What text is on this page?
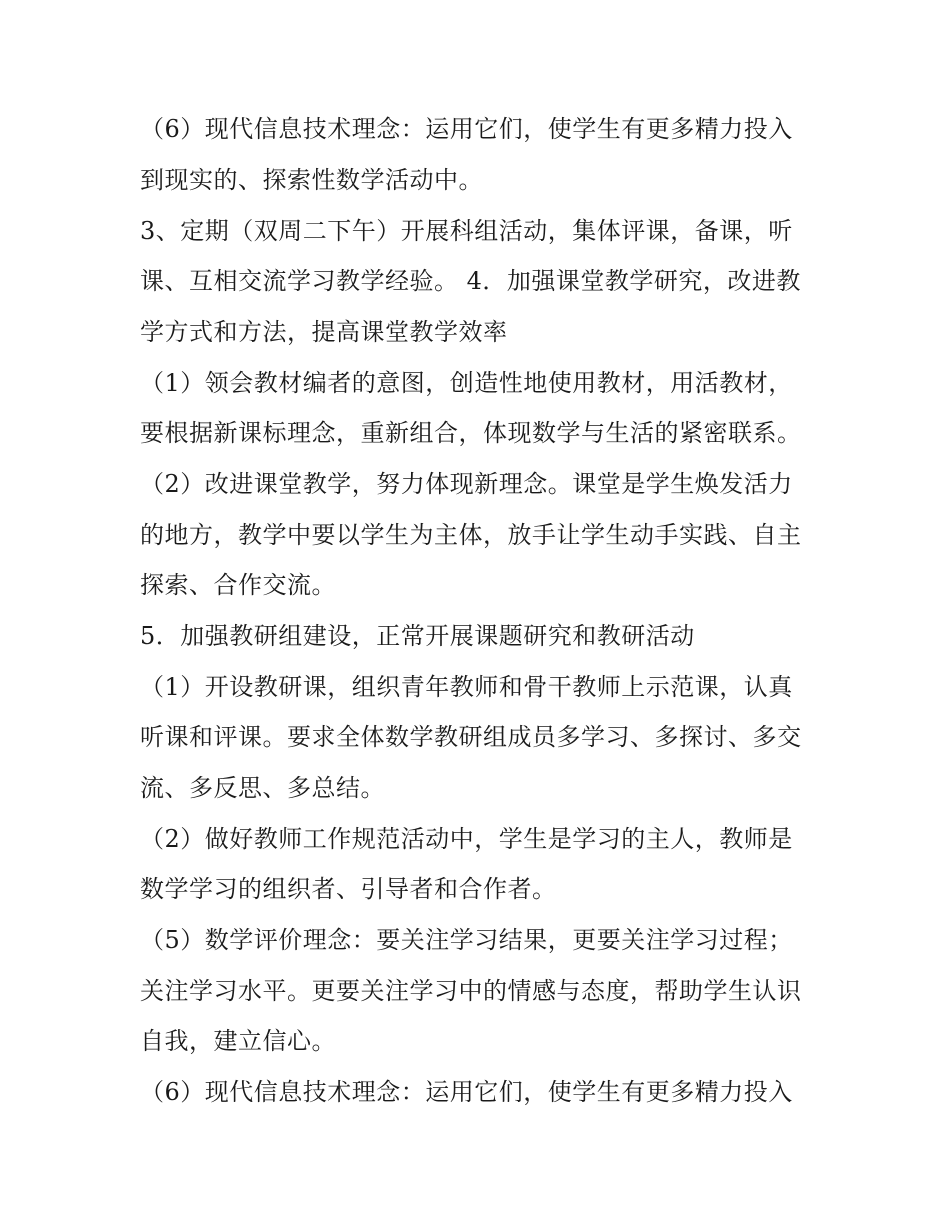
（6）现代信息技术理念：运用它们，使学生有更多精力投入
到现实的、探索性数学活动中。
3、定期（双周二下午）开展科组活动，集体评课，备课，听
课、互相交流学习教学经验。 4．加强课堂教学研究，改进教
学方式和方法，提高课堂教学效率
（1）领会教材编者的意图，创造性地使用教材，用活教材，
要根据新课标理念，重新组合，体现数学与生活的紧密联系。
（2）改进课堂教学，努力体现新理念。课堂是学生焕发活力
的地方，教学中要以学生为主体，放手让学生动手实践、自主
探索、合作交流。
5．加强教研组建设，正常开展课题研究和教研活动
（1）开设教研课，组织青年教师和骨干教师上示范课，认真
听课和评课。要求全体数学教研组成员多学习、多探讨、多交
流、多反思、多总结。
（2）做好教师工作规范活动中，学生是学习的主人，教师是
数学学习的组织者、引导者和合作者。
（5）数学评价理念：要关注学习结果，更要关注学习过程；
关注学习水平。更要关注学习中的情感与态度，帮助学生认识
自我，建立信心。
（6）现代信息技术理念：运用它们，使学生有更多精力投入
